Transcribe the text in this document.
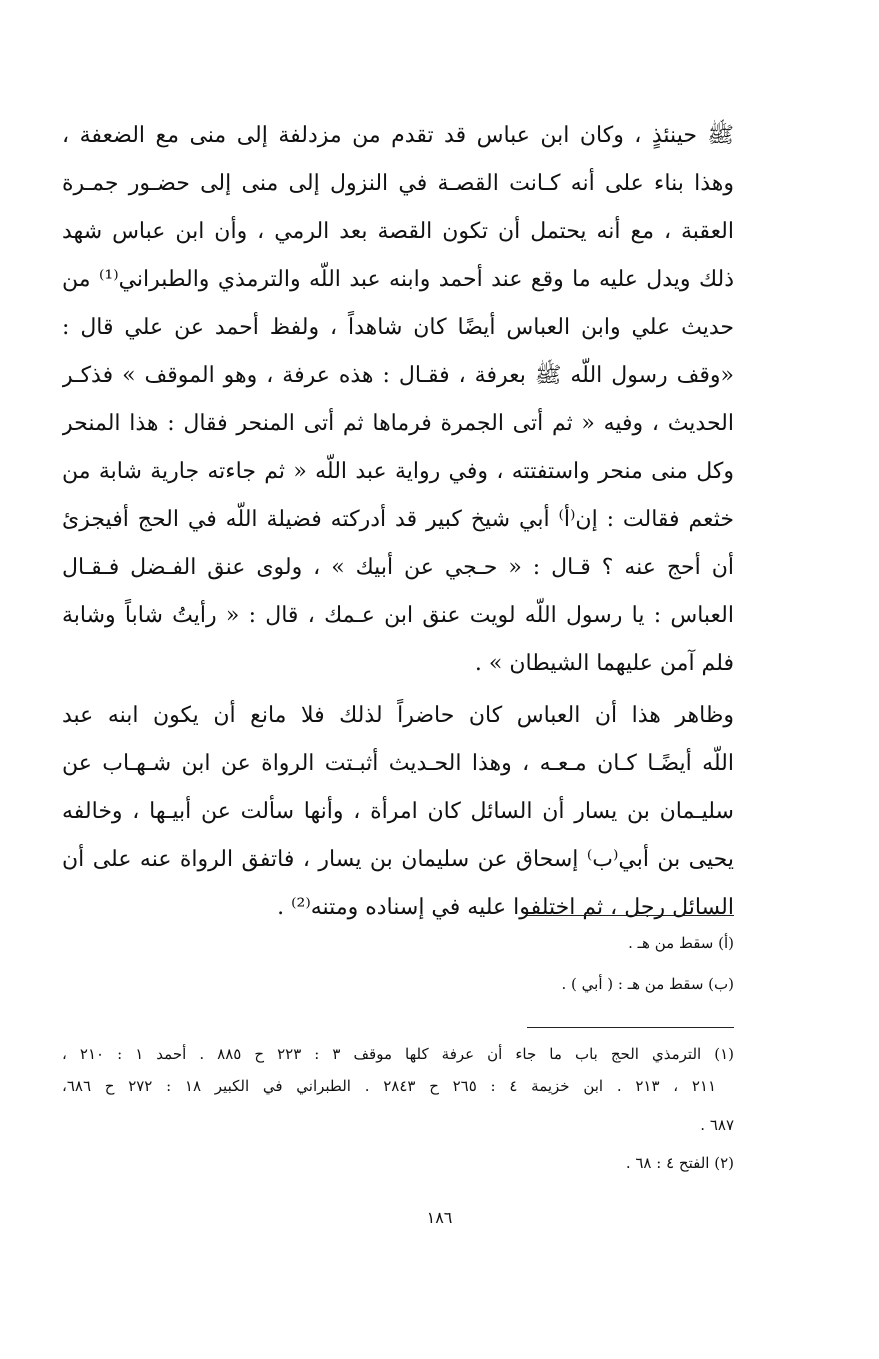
ﷺ حينئذٍ ، وكان ابن عباس قد تقدم من مزدلفة إلى منى مع الضعفة ،
وهذا بناء على أنه كـانت القصـة في النزول إلى منى إلى حضـور جمـرة
العقبة ، مع أنه يحتمل أن تكون القصة بعد الرمي ، وأن ابن عباس شهد
ذلك ويدل عليه ما وقع عند أحمد وابنه عبد اللّه والترمذي والطبراني⁽¹⁾ من
حديث علي وابن العباس أيضًا كان شاهداً ، ولفظ أحمد عن علي قال :
«وقف رسول اللّه ﷺ بعرفة ، فقـال : هذه عرفة ، وهو الموقف » فذكـر
الحديث ، وفيه « ثم أتى الجمرة فرماها ثم أتى المنحر فقال : هذا المنحر
وكل منى منحر واستفتته ، وفي رواية عبد اللّه « ثم جاءته جارية شابة من
خثعم فقالت : إن⁽أ⁾ أبي شيخ كبير قد أدركته فضيلة اللّه في الحج أفيجزئ
أن أحج عنه ؟ قـال : « حـجي عن أبيك » ، ولوى عنق الفـضل فـقـال
العباس : يا رسول اللّه لويت عنق ابن عـمك ، قال : « رأيتُ شاباً وشابة
فلم آمن عليهما الشيطان » .
وظاهر هذا أن العباس كان حاضراً لذلك فلا مانع أن يكون ابنه عبد
اللّه أيضًـا كـان مـعـه ، وهذا الحـديث أثبـتت الرواة عن ابن شـهـاب عن
سليـمان بن يسار أن السائل كان امرأة ، وأنها سألت عن أبيـها ، وخالفه
يحيى بن أبي⁽ب⁾ إسحاق عن سليمان بن يسار ، فاتفق الرواة عنه على أن
السائل رجل ، ثم اختلفوا عليه في إسناده ومتنه⁽²⁾ .
(أ) سقط من هـ .
(ب) سقط من هـ : ( أبي ) .
(١) الترمذي الحج باب ما جاء أن عرفة كلها موقف ٣ : ٢٢٣ ح ٨٨٥ . أحمد ١ : ٢١٠ ،
٢١١ ، ٢١٣ . ابن خزيمة ٤ : ٢٦٥ ح ٢٨٤٣ . الطبراني في الكبير ١٨ : ٢٧٢ ح ٦٨٦،
٦٨٧ .
(٢) الفتح ٤ : ٦٨ .
١٨٦
